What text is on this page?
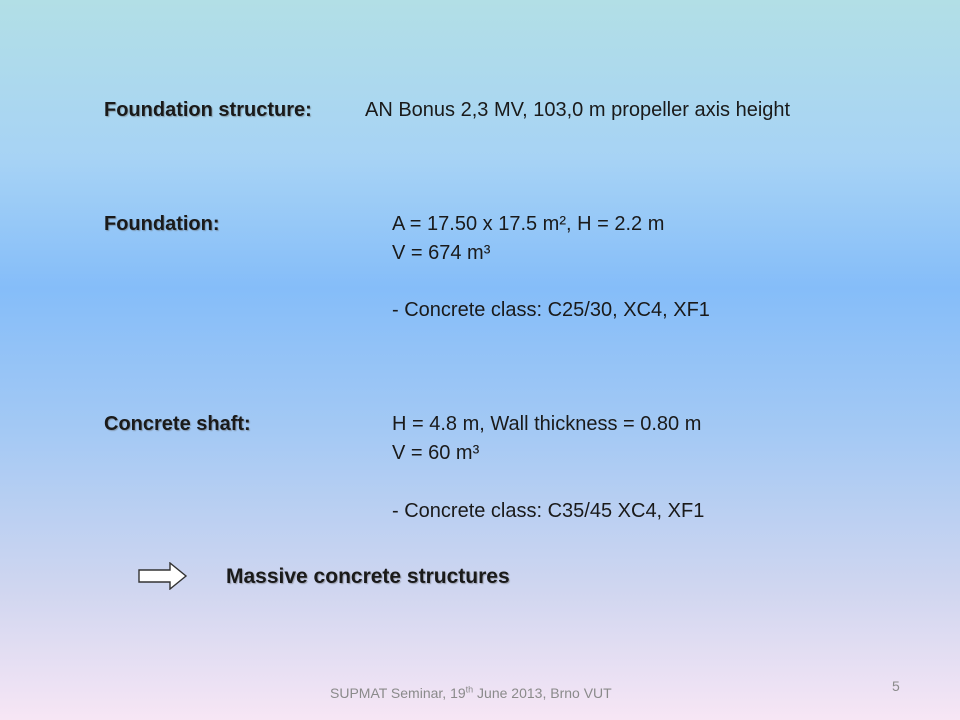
Foundation structure:	AN Bonus 2,3 MV, 103,0 m propeller axis height
Foundation:	A = 17.50 x 17.5 m², H = 2.2 m
V = 674 m³
- Concrete class: C25/30, XC4, XF1
Concrete shaft:	H = 4.8 m, Wall thickness = 0.80 m
V = 60 m³
- Concrete class: C35/45 XC4, XF1
Massive concrete structures
SUPMAT Seminar, 19th June 2013, Brno VUT	5
